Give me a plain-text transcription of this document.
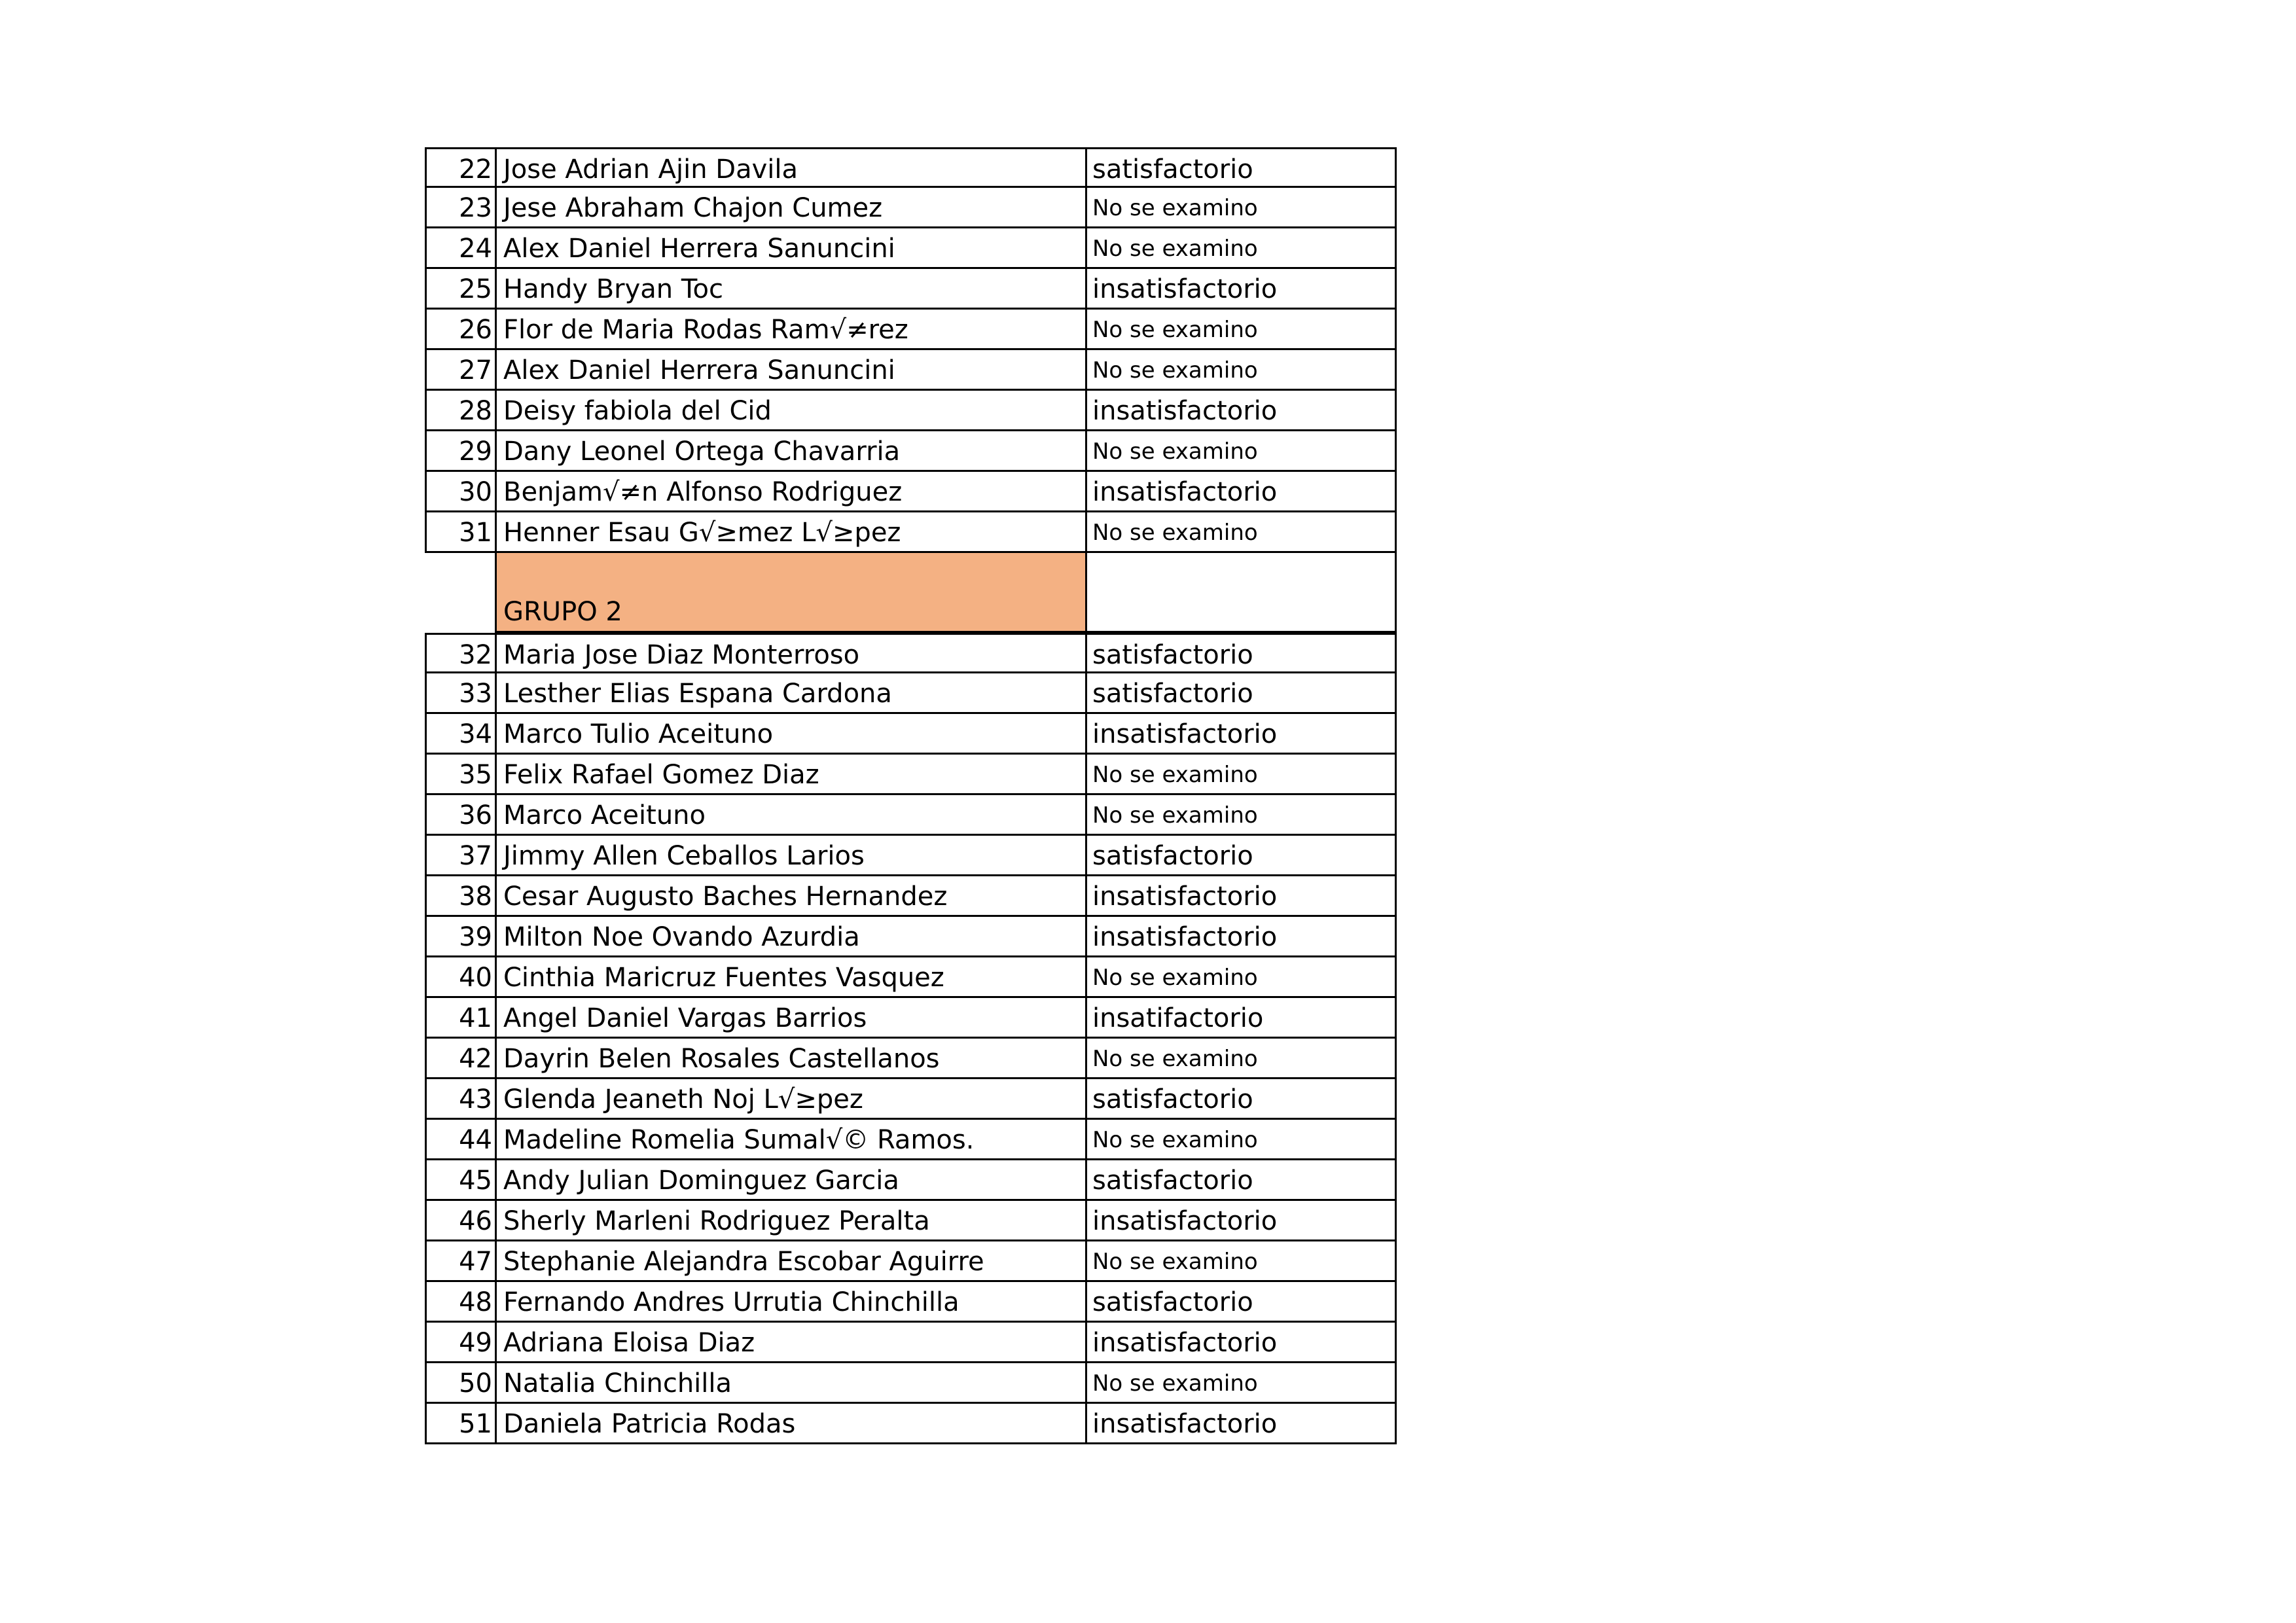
22 Jose Adrian Ajin Davila	satisfactorio
23 Jese Abraham Chajon Cumez	No se examino
24 Alex Daniel Herrera Sanuncini	No se examino
25 Handy Bryan Toc	insatisfactorio
26 Flor de Maria Rodas Ram√≠rez	No se examino
27 Alex Daniel Herrera Sanuncini	No se examino
28 Deisy fabiola del Cid	insatisfactorio
29 Dany Leonel Ortega Chavarria	No se examino
30 Benjam√≠n Alfonso Rodriguez	insatisfactorio
31 Henner Esau G√≥mez L√≥pez	No se examino
GRUPO 2
32 Maria Jose Diaz Monterroso	satisfactorio
33 Lesther Elias Espana Cardona	satisfactorio
34 Marco Tulio Aceituno	insatisfactorio
35 Felix Rafael Gomez Diaz	No se examino
36 Marco Aceituno	No se examino
37 Jimmy Allen Ceballos Larios	satisfactorio
38 Cesar Augusto Baches Hernandez	insatisfactorio
39 Milton Noe Ovando Azurdia	insatisfactorio
40 Cinthia Maricruz Fuentes Vasquez	No se examino
41 Angel Daniel Vargas Barrios	insatifactorio
42 Dayrin Belen Rosales Castellanos	No se examino
43 Glenda Jeaneth Noj L√≥pez	satisfactorio
44 Madeline Romelia Sumal√© Ramos.	No se examino
45 Andy Julian Dominguez Garcia	satisfactorio
46 Sherly Marleni Rodriguez Peralta	insatisfactorio
47 Stephanie Alejandra Escobar Aguirre	No se examino
48 Fernando Andres Urrutia Chinchilla	satisfactorio
49 Adriana Eloisa Diaz	insatisfactorio
50 Natalia Chinchilla	No se examino
51 Daniela Patricia Rodas	insatisfactorio
